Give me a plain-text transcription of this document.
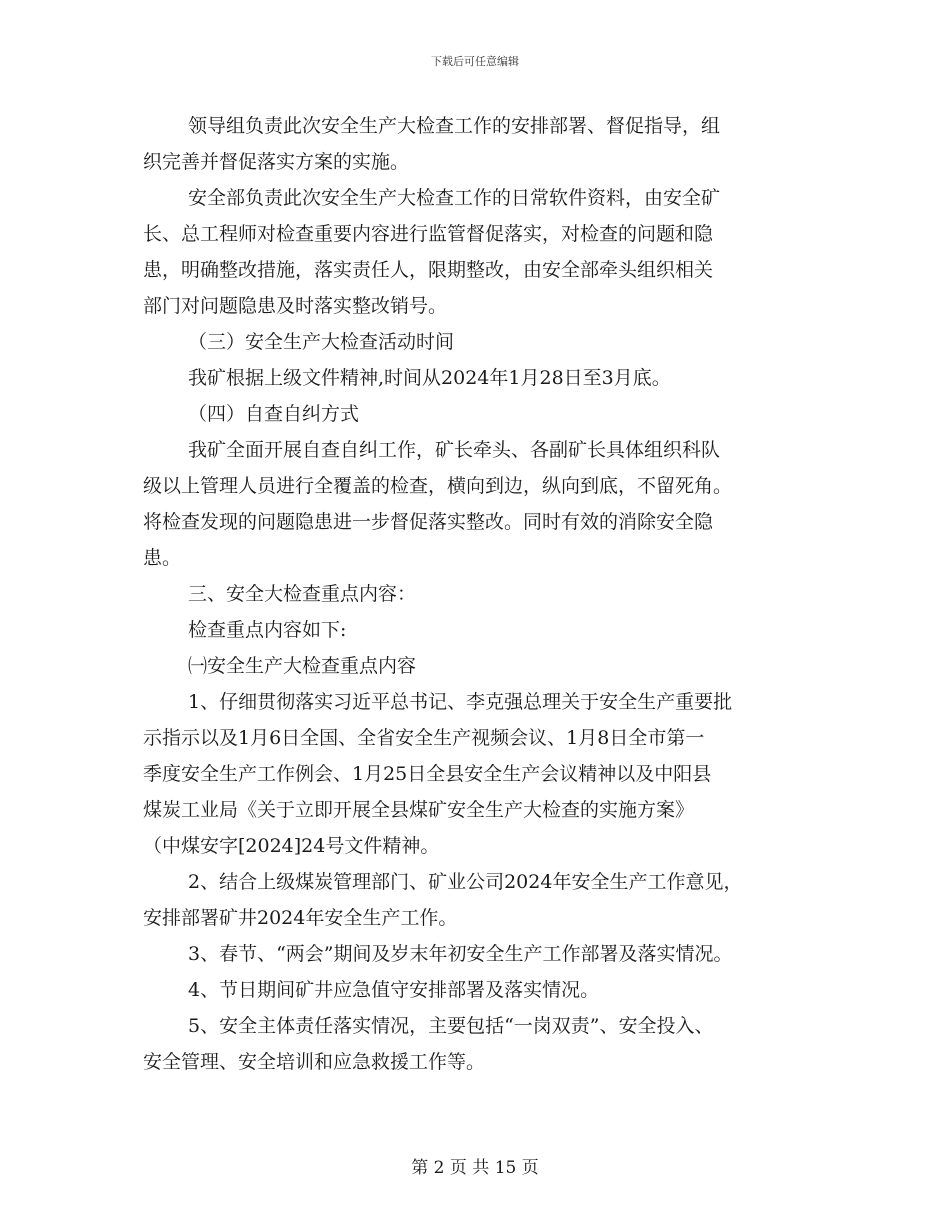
下载后可任意编辑
领导组负责此次安全生产大检查工作的安排部署、督促指导，组
织完善并督促落实方案的实施。
安全部负责此次安全生产大检查工作的日常软件资料，由安全矿
长、总工程师对检查重要内容进行监管督促落实，对检查的问题和隐
患，明确整改措施，落实责任人，限期整改，由安全部牵头组织相关
部门对问题隐患及时落实整改销号。
（三）安全生产大检查活动时间
我矿根据上级文件精神,时间从2024年1月28日至3月底。
（四）自查自纠方式
我矿全面开展自查自纠工作，矿长牵头、各副矿长具体组织科队
级以上管理人员进行全覆盖的检查，横向到边，纵向到底，不留死角。
将检查发现的问题隐患进一步督促落实整改。同时有效的消除安全隐
患。
三、安全大检查重点内容：
检查重点内容如下:
㈠安全生产大检查重点内容
1、仔细贯彻落实习近平总书记、李克强总理关于安全生产重要批
示指示以及1月6日全国、全省安全生产视频会议、1月8日全市第一
季度安全生产工作例会、1月25日全县安全生产会议精神以及中阳县
煤炭工业局《关于立即开展全县煤矿安全生产大检查的实施方案》
（中煤安字[2024]24号文件精神。
2、结合上级煤炭管理部门、矿业公司2024年安全生产工作意见，
安排部署矿井2024年安全生产工作。
3、春节、“两会”期间及岁末年初安全生产工作部署及落实情况。
4、节日期间矿井应急值守安排部署及落实情况。
5、安全主体责任落实情况，主要包括“一岗双责”、安全投入、
安全管理、安全培训和应急救援工作等。
第 2 页 共 15 页
